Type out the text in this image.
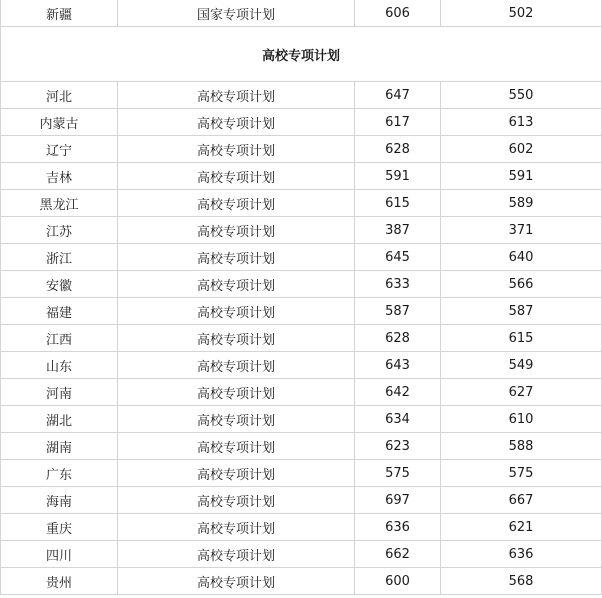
新疆	国家专项计划	606	502
高校专项计划			
河北	高校专项计划	647	550
内蒙古	高校专项计划	617	613
辽宁	高校专项计划	628	602
吉林	高校专项计划	591	591
黑龙江	高校专项计划	615	589
江苏	高校专项计划	387	371
浙江	高校专项计划	645	640
安徽	高校专项计划	633	566
福建	高校专项计划	587	587
江西	高校专项计划	628	615
山东	高校专项计划	643	549
河南	高校专项计划	642	627
湖北	高校专项计划	634	610
湖南	高校专项计划	623	588
广东	高校专项计划	575	575
海南	高校专项计划	697	667
重庆	高校专项计划	636	621
四川	高校专项计划	662	636
贵州	高校专项计划	600	568
